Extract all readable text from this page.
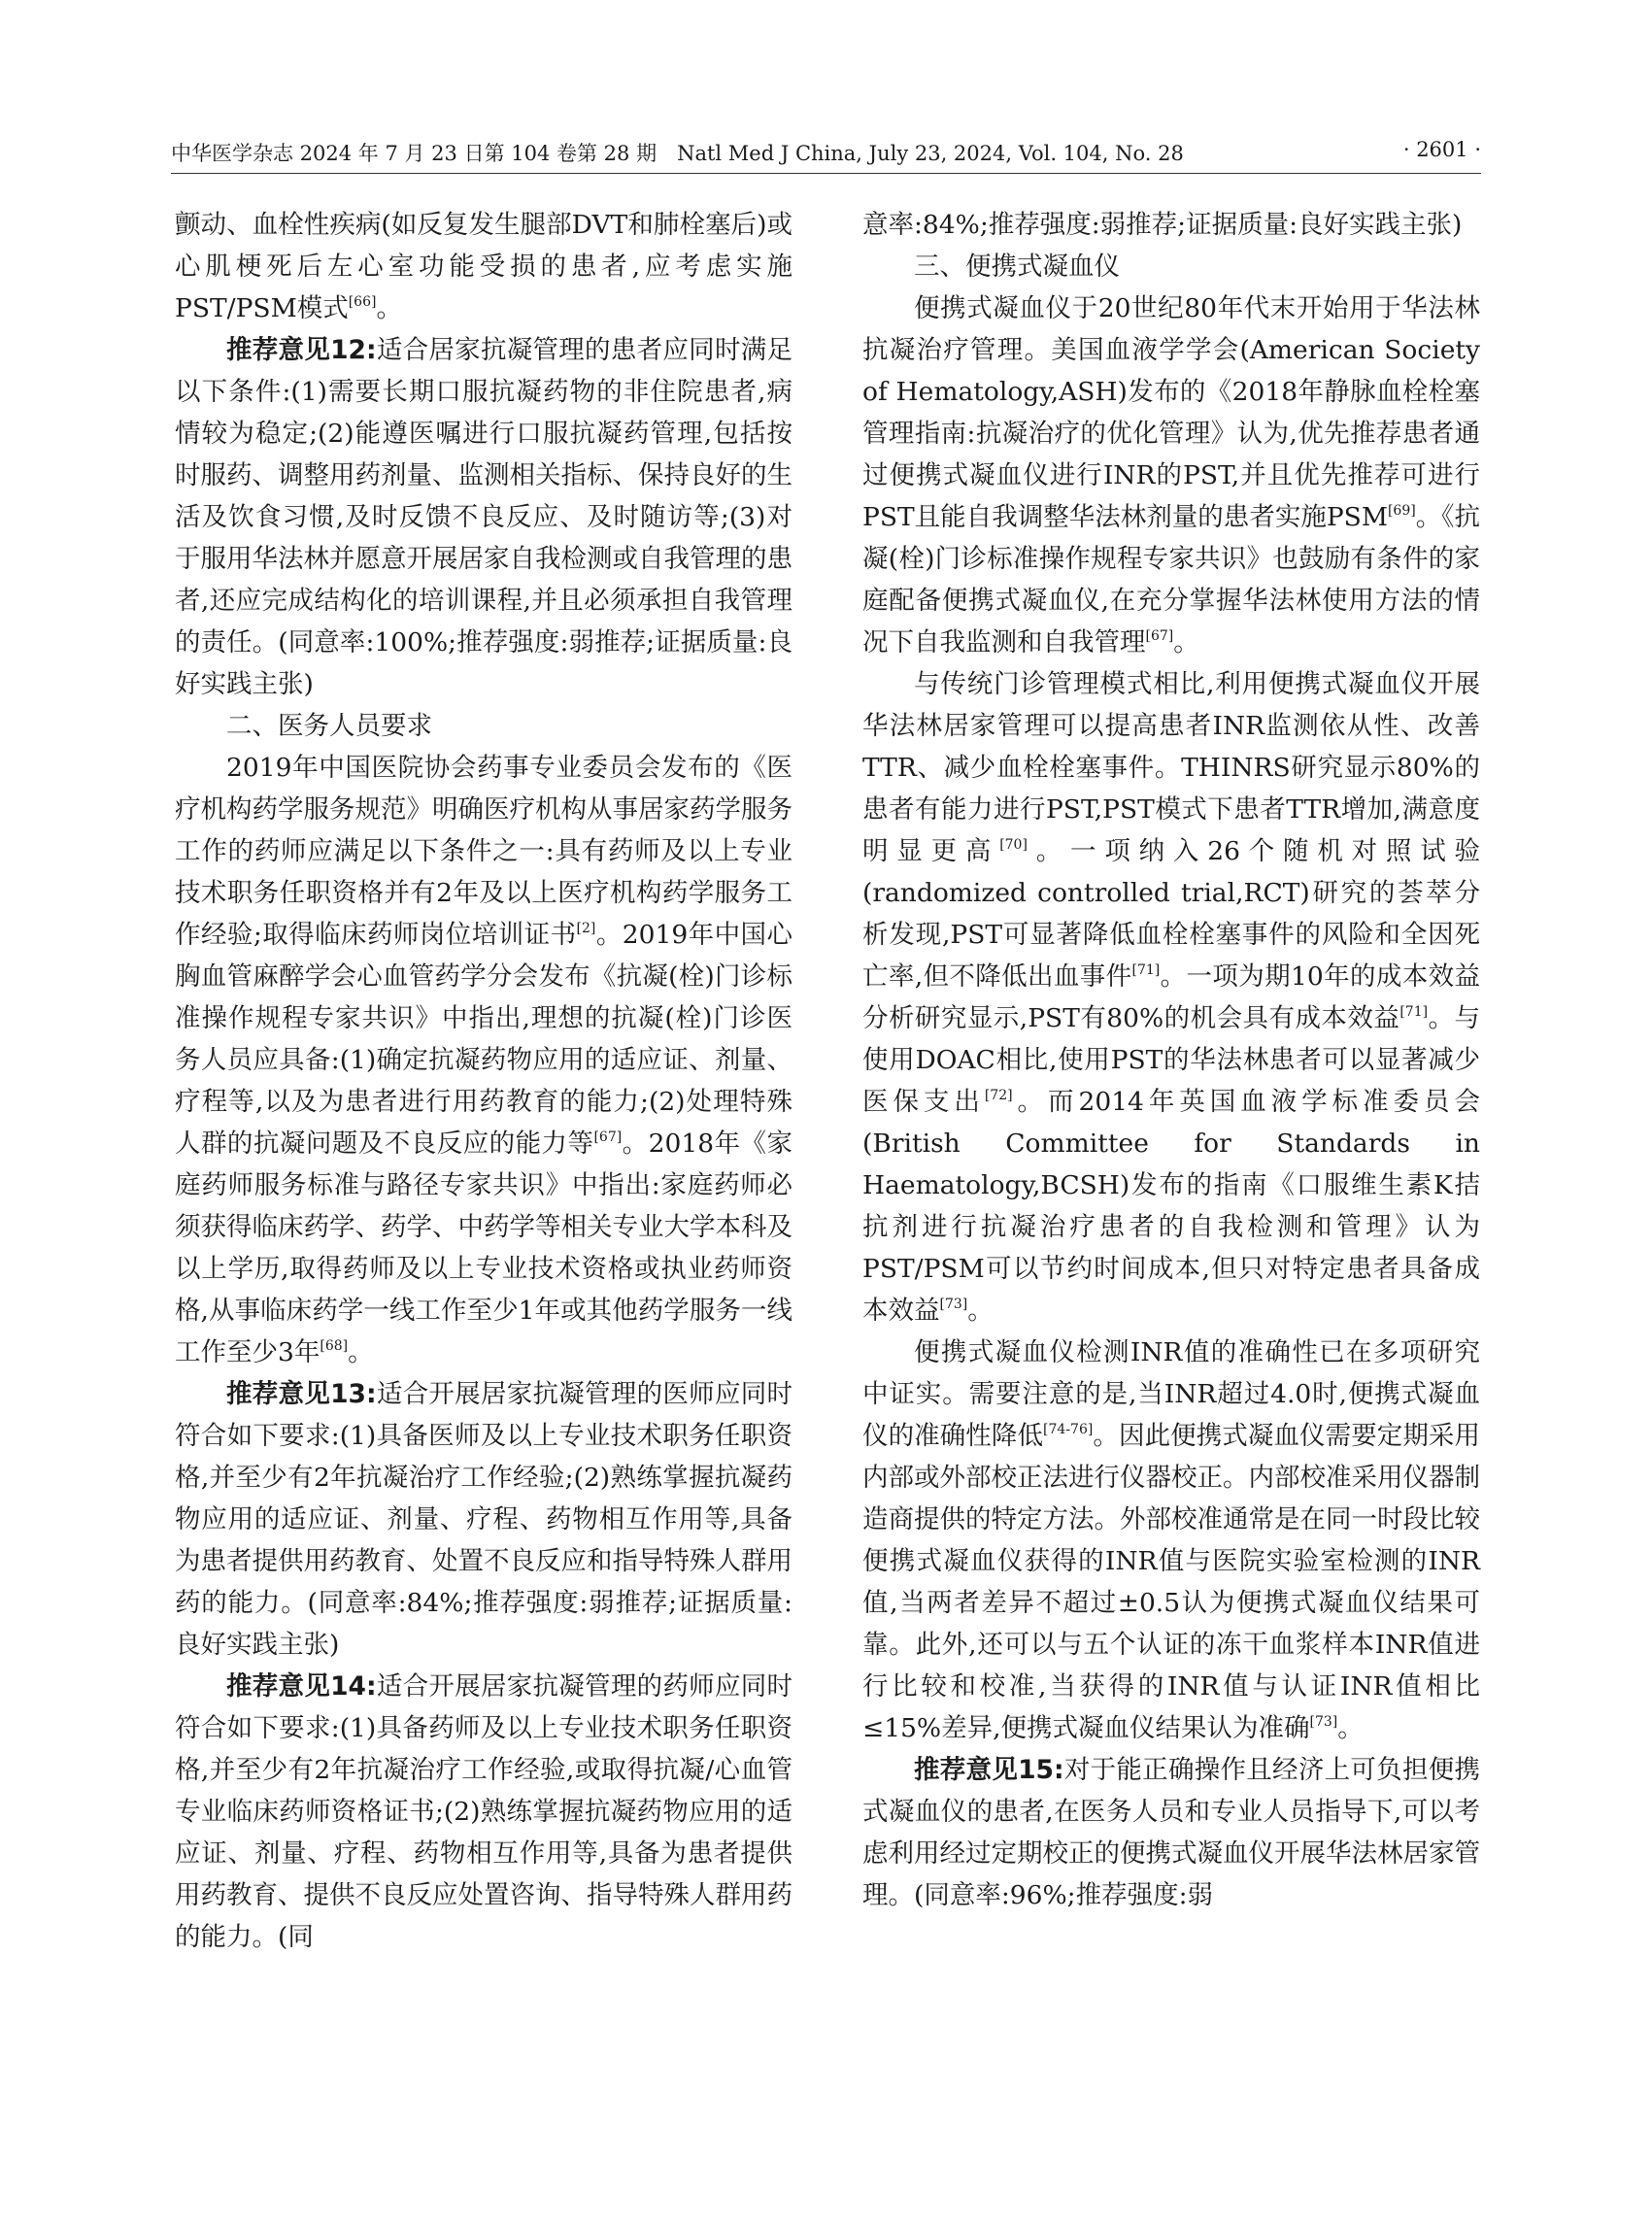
中华医学杂志 2024 年 7 月 23 日第 104 卷第 28 期　Natl Med J China, July 23, 2024, Vol. 104, No. 28	· 2601 ·

颤动、血栓性疾病(如反复发生腿部DVT和肺栓塞后)或心肌梗死后左心室功能受损的患者,应考虑实施PST/PSM模式[66]。

推荐意见12:适合居家抗凝管理的患者应同时满足以下条件:(1)需要长期口服抗凝药物的非住院患者,病情较为稳定;(2)能遵医嘱进行口服抗凝药管理,包括按时服药、调整用药剂量、监测相关指标、保持良好的生活及饮食习惯,及时反馈不良反应、及时随访等;(3)对于服用华法林并愿意开展居家自我检测或自我管理的患者,还应完成结构化的培训课程,并且必须承担自我管理的责任。(同意率:100%;推荐强度:弱推荐;证据质量:良好实践主张)

二、医务人员要求

2019年中国医院协会药事专业委员会发布的《医疗机构药学服务规范》明确医疗机构从事居家药学服务工作的药师应满足以下条件之一:具有药师及以上专业技术职务任职资格并有2年及以上医疗机构药学服务工作经验;取得临床药师岗位培训证书[2]。2019年中国心胸血管麻醉学会心血管药学分会发布《抗凝(栓)门诊标准操作规程专家共识》中指出,理想的抗凝(栓)门诊医务人员应具备:(1)确定抗凝药物应用的适应证、剂量、疗程等,以及为患者进行用药教育的能力;(2)处理特殊人群的抗凝问题及不良反应的能力等[67]。2018年《家庭药师服务标准与路径专家共识》中指出:家庭药师必须获得临床药学、药学、中药学等相关专业大学本科及以上学历,取得药师及以上专业技术资格或执业药师资格,从事临床药学一线工作至少1年或其他药学服务一线工作至少3年[68]。

推荐意见13:适合开展居家抗凝管理的医师应同时符合如下要求:(1)具备医师及以上专业技术职务任职资格,并至少有2年抗凝治疗工作经验;(2)熟练掌握抗凝药物应用的适应证、剂量、疗程、药物相互作用等,具备为患者提供用药教育、处置不良反应和指导特殊人群用药的能力。(同意率:84%;推荐强度:弱推荐;证据质量:良好实践主张)

推荐意见14:适合开展居家抗凝管理的药师应同时符合如下要求:(1)具备药师及以上专业技术职务任职资格,并至少有2年抗凝治疗工作经验,或取得抗凝/心血管专业临床药师资格证书;(2)熟练掌握抗凝药物应用的适应证、剂量、疗程、药物相互作用等,具备为患者提供用药教育、提供不良反应处置咨询、指导特殊人群用药的能力。(同

意率:84%;推荐强度:弱推荐;证据质量:良好实践主张)

三、便携式凝血仪

便携式凝血仪于20世纪80年代末开始用于华法林抗凝治疗管理。美国血液学学会(American Society of Hematology,ASH)发布的《2018年静脉血栓栓塞管理指南:抗凝治疗的优化管理》认为,优先推荐患者通过便携式凝血仪进行INR的PST,并且优先推荐可进行PST且能自我调整华法林剂量的患者实施PSM[69]。《抗凝(栓)门诊标准操作规程专家共识》也鼓励有条件的家庭配备便携式凝血仪,在充分掌握华法林使用方法的情况下自我监测和自我管理[67]。

与传统门诊管理模式相比,利用便携式凝血仪开展华法林居家管理可以提高患者INR监测依从性、改善TTR、减少血栓栓塞事件。THINRS研究显示80%的患者有能力进行PST,PST模式下患者TTR增加,满意度明显更高[70]。一项纳入26个随机对照试验(randomized controlled trial,RCT)研究的荟萃分析发现,PST可显著降低血栓栓塞事件的风险和全因死亡率,但不降低出血事件[71]。一项为期10年的成本效益分析研究显示,PST有80%的机会具有成本效益[71]。与使用DOAC相比,使用PST的华法林患者可以显著减少医保支出[72]。而2014年英国血液学标准委员会(British Committee for Standards in Haematology,BCSH)发布的指南《口服维生素K拮抗剂进行抗凝治疗患者的自我检测和管理》认为PST/PSM可以节约时间成本,但只对特定患者具备成本效益[73]。

便携式凝血仪检测INR值的准确性已在多项研究中证实。需要注意的是,当INR超过4.0时,便携式凝血仪的准确性降低[74-76]。因此便携式凝血仪需要定期采用内部或外部校正法进行仪器校正。内部校准采用仪器制造商提供的特定方法。外部校准通常是在同一时段比较便携式凝血仪获得的INR值与医院实验室检测的INR值,当两者差异不超过±0.5认为便携式凝血仪结果可靠。此外,还可以与五个认证的冻干血浆样本INR值进行比较和校准,当获得的INR值与认证INR值相比≤15%差异,便携式凝血仪结果认为准确[73]。

推荐意见15:对于能正确操作且经济上可负担便携式凝血仪的患者,在医务人员和专业人员指导下,可以考虑利用经过定期校正的便携式凝血仪开展华法林居家管理。(同意率:96%;推荐强度:弱
